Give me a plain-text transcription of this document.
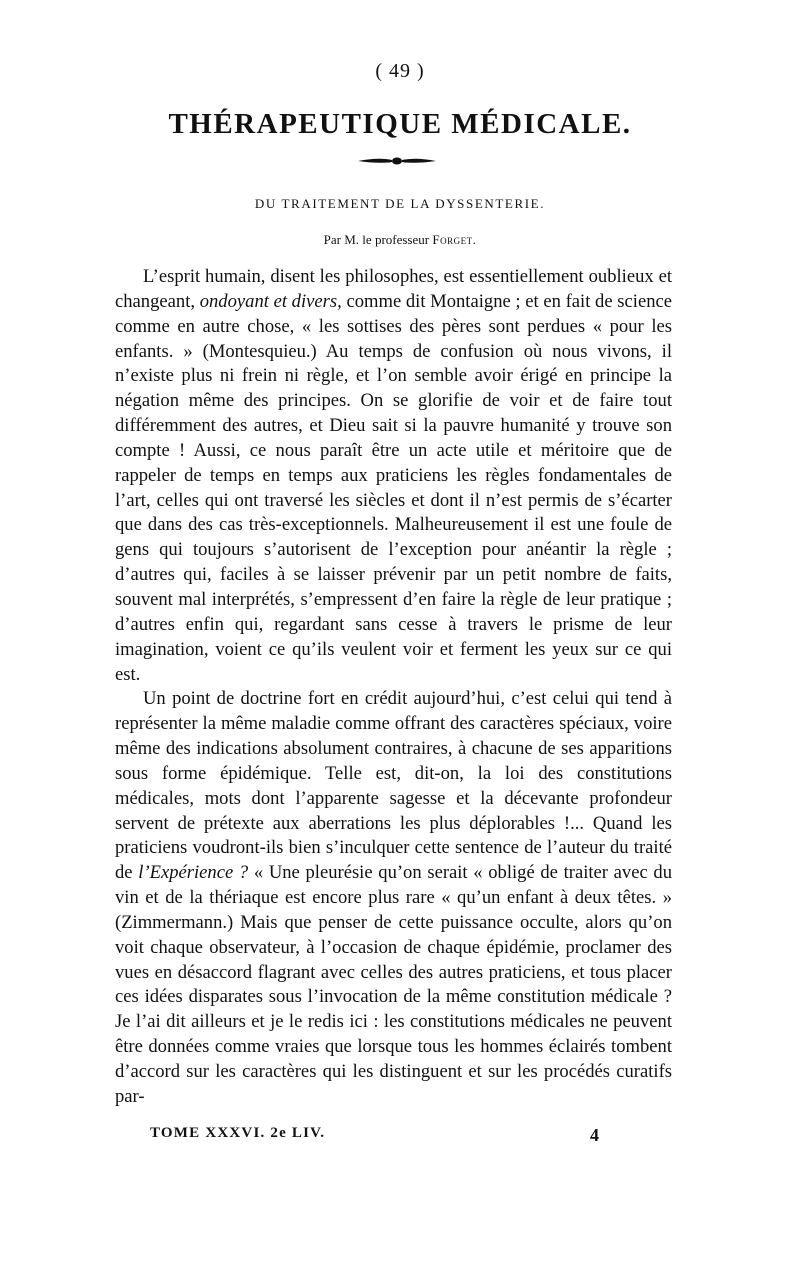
( 49 )
THÉRAPEUTIQUE MÉDICALE.
DU TRAITEMENT DE LA DYSSENTERIE.
Par M. le professeur Forget.

L’esprit humain, disent les philosophes, est essentiellement oublieux et changeant, ondoyant et divers, comme dit Montaigne ; et en fait de science comme en autre chose, « les sottises des pères sont perdues « pour les enfants. » (Montesquieu.) Au temps de confusion où nous vivons, il n’existe plus ni frein ni règle, et l’on semble avoir érigé en principe la négation même des principes. On se glorifie de voir et de faire tout différemment des autres, et Dieu sait si la pauvre humanité y trouve son compte ! Aussi, ce nous paraît être un acte utile et méritoire que de rappeler de temps en temps aux praticiens les règles fondamentales de l’art, celles qui ont traversé les siècles et dont il n’est permis de s’écarter que dans des cas très-exceptionnels. Malheureusement il est une foule de gens qui toujours s’autorisent de l’exception pour anéantir la règle ; d’autres qui, faciles à se laisser prévenir par un petit nombre de faits, souvent mal interprétés, s’empressent d’en faire la règle de leur pratique ; d’autres enfin qui, regardant sans cesse à travers le prisme de leur imagination, voient ce qu’ils veulent voir et ferment les yeux sur ce qui est.

Un point de doctrine fort en crédit aujourd’hui, c’est celui qui tend à représenter la même maladie comme offrant des caractères spéciaux, voire même des indications absolument contraires, à chacune de ses apparitions sous forme épidémique. Telle est, dit-on, la loi des constitutions médicales, mots dont l’apparente sagesse et la décevante profondeur servent de prétexte aux aberrations les plus déplorables !... Quand les praticiens voudront-ils bien s’inculquer cette sentence de l’auteur du traité de l’Expérience ? « Une pleurésie qu’on serait « obligé de traiter avec du vin et de la thériaque est encore plus rare « qu’un enfant à deux têtes. » (Zimmermann.) Mais que penser de cette puissance occulte, alors qu’on voit chaque observateur, à l’occasion de chaque épidémie, proclamer des vues en désaccord flagrant avec celles des autres praticiens, et tous placer ces idées disparates sous l’invocation de la même constitution médicale ? Je l’ai dit ailleurs et je le redis ici : les constitutions médicales ne peuvent être données comme vraies que lorsque tous les hommes éclairés tombent d’accord sur les caractères qui les distinguent et sur les procédés curatifs par-

TOME XXXVI. 2e LIV.	4
